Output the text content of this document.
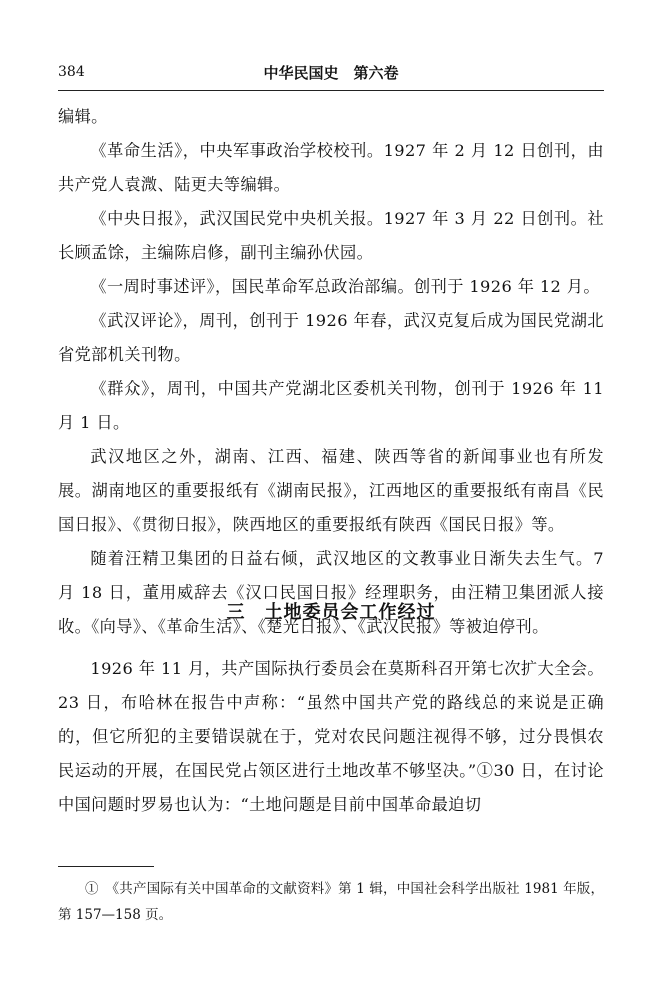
384	中华民国史　第六卷

编辑。

《革命生活》，中央军事政治学校校刊。1927 年 2 月 12 日创刊，由共产党人袁溦、陆更夫等编辑。

《中央日报》，武汉国民党中央机关报。1927 年 3 月 22 日创刊。社长顾孟馀，主编陈启修，副刊主编孙伏园。

《一周时事述评》，国民革命军总政治部编。创刊于 1926 年 12 月。

《武汉评论》，周刊，创刊于 1926 年春，武汉克复后成为国民党湖北省党部机关刊物。

《群众》，周刊，中国共产党湖北区委机关刊物，创刊于 1926 年 11 月 1 日。

武汉地区之外，湖南、江西、福建、陕西等省的新闻事业也有所发展。湖南地区的重要报纸有《湖南民报》，江西地区的重要报纸有南昌《民国日报》、《贯彻日报》，陕西地区的重要报纸有陕西《国民日报》等。

随着汪精卫集团的日益右倾，武汉地区的文教事业日渐失去生气。7 月 18 日，董用威辞去《汉口民国日报》经理职务，由汪精卫集团派人接收。《向导》、《革命生活》、《楚光日报》、《武汉民报》等被迫停刊。

三　土地委员会工作经过

1926 年 11 月，共产国际执行委员会在莫斯科召开第七次扩大全会。23 日，布哈林在报告中声称：“虽然中国共产党的路线总的来说是正确的，但它所犯的主要错误就在于，党对农民问题注视得不够，过分畏惧农民运动的开展，在国民党占领区进行土地改革不够坚决。”①30 日，在讨论中国问题时罗易也认为：“土地问题是目前中国革命最迫切

①　《共产国际有关中国革命的文献资料》第 1 辑，中国社会科学出版社 1981 年版，第 157—158 页。
